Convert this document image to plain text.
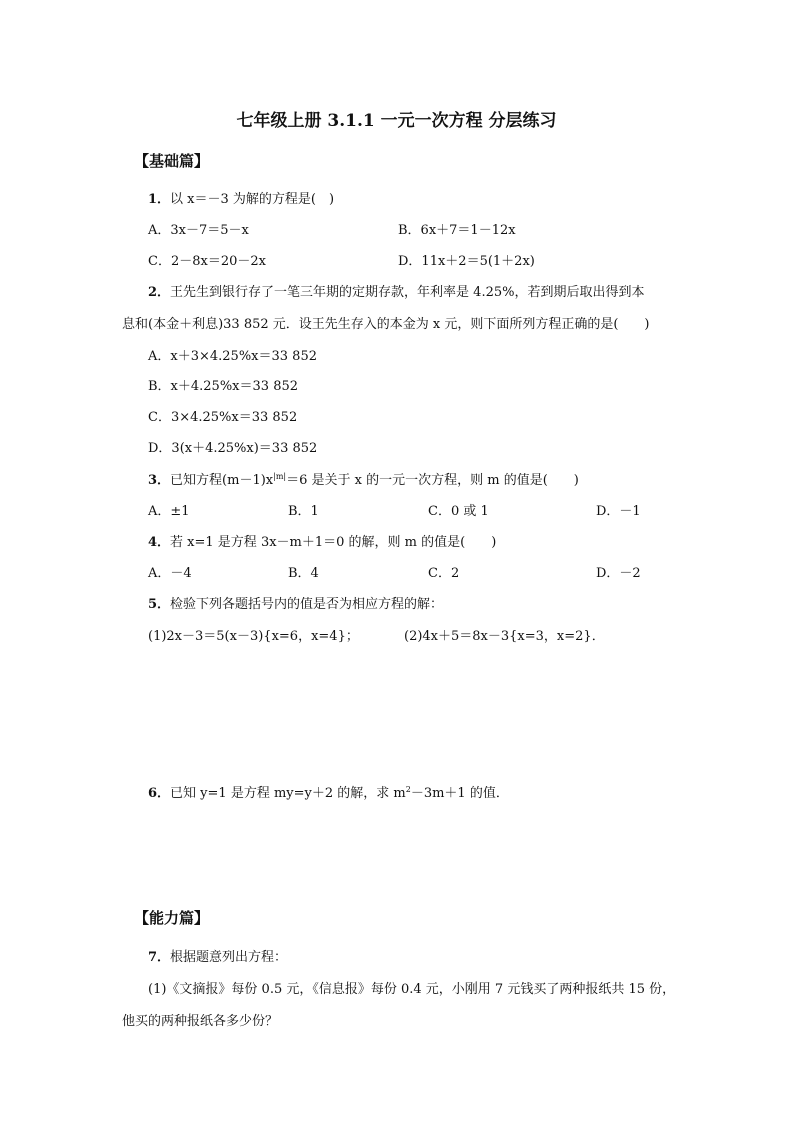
七年级上册 3.1.1 一元一次方程 分层练习
【基础篇】
1．以 x＝－3 为解的方程是(　)
A．3x－7＝5－x	B．6x＋7＝1－12x
C．2－8x＝20－2x	D．11x＋2＝5(1＋2x)
2．王先生到银行存了一笔三年期的定期存款，年利率是 4.25%，若到期后取出得到本
息和(本金＋利息)33 852 元．设王先生存入的本金为 x 元，则下面所列方程正确的是(　　)
A．x＋3×4.25%x＝33 852
B．x＋4.25%x＝33 852
C．3×4.25%x＝33 852
D．3(x＋4.25%x)＝33 852
3．已知方程$(m-1)x^{|m|}=6$ 是关于 x 的一元一次方程，则 m 的值是(　　)
A．±1	B．1	C．0 或 1	D．－1
4．若 x=1 是方程 3x－m＋1＝0 的解，则 m 的值是(　　)
A．－4	B．4	C．2	D．－2
5．检验下列各题括号内的值是否为相应方程的解：
(1)2x－3＝5(x－3){x=6，x=4}；	(2)4x＋5＝8x－3{x=3，x=2}．
6．已知 y=1 是方程 my=y＋2 的解，求 $m^2-3m+1$ 的值．
【能力篇】
7．根据题意列出方程：
(1)《文摘报》每份 0.5 元，《信息报》每份 0.4 元，小刚用 7 元钱买了两种报纸共 15 份，
他买的两种报纸各多少份？
